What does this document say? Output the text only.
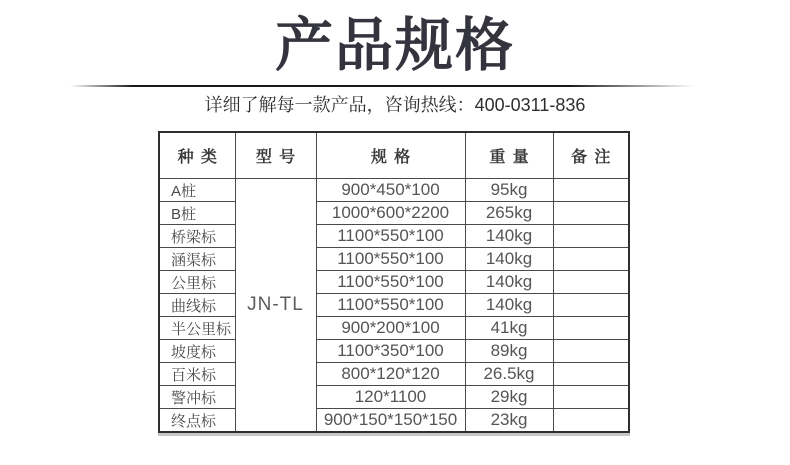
产品规格
详细了解每一款产品，咨询热线：400-0311-836
种类	型号	规格	重量	备注
A桩	JN-TL	900*450*100	95kg	
B桩		1000*600*2200	265kg	
桥梁标		1100*550*100	140kg	
涵渠标		1100*550*100	140kg	
公里标		1100*550*100	140kg	
曲线标		1100*550*100	140kg	
半公里标		900*200*100	41kg	
坡度标		1100*350*100	89kg	
百米标		800*120*120	26.5kg	
警冲标		120*1100	29kg	
终点标		900*150*150*150	23kg	
